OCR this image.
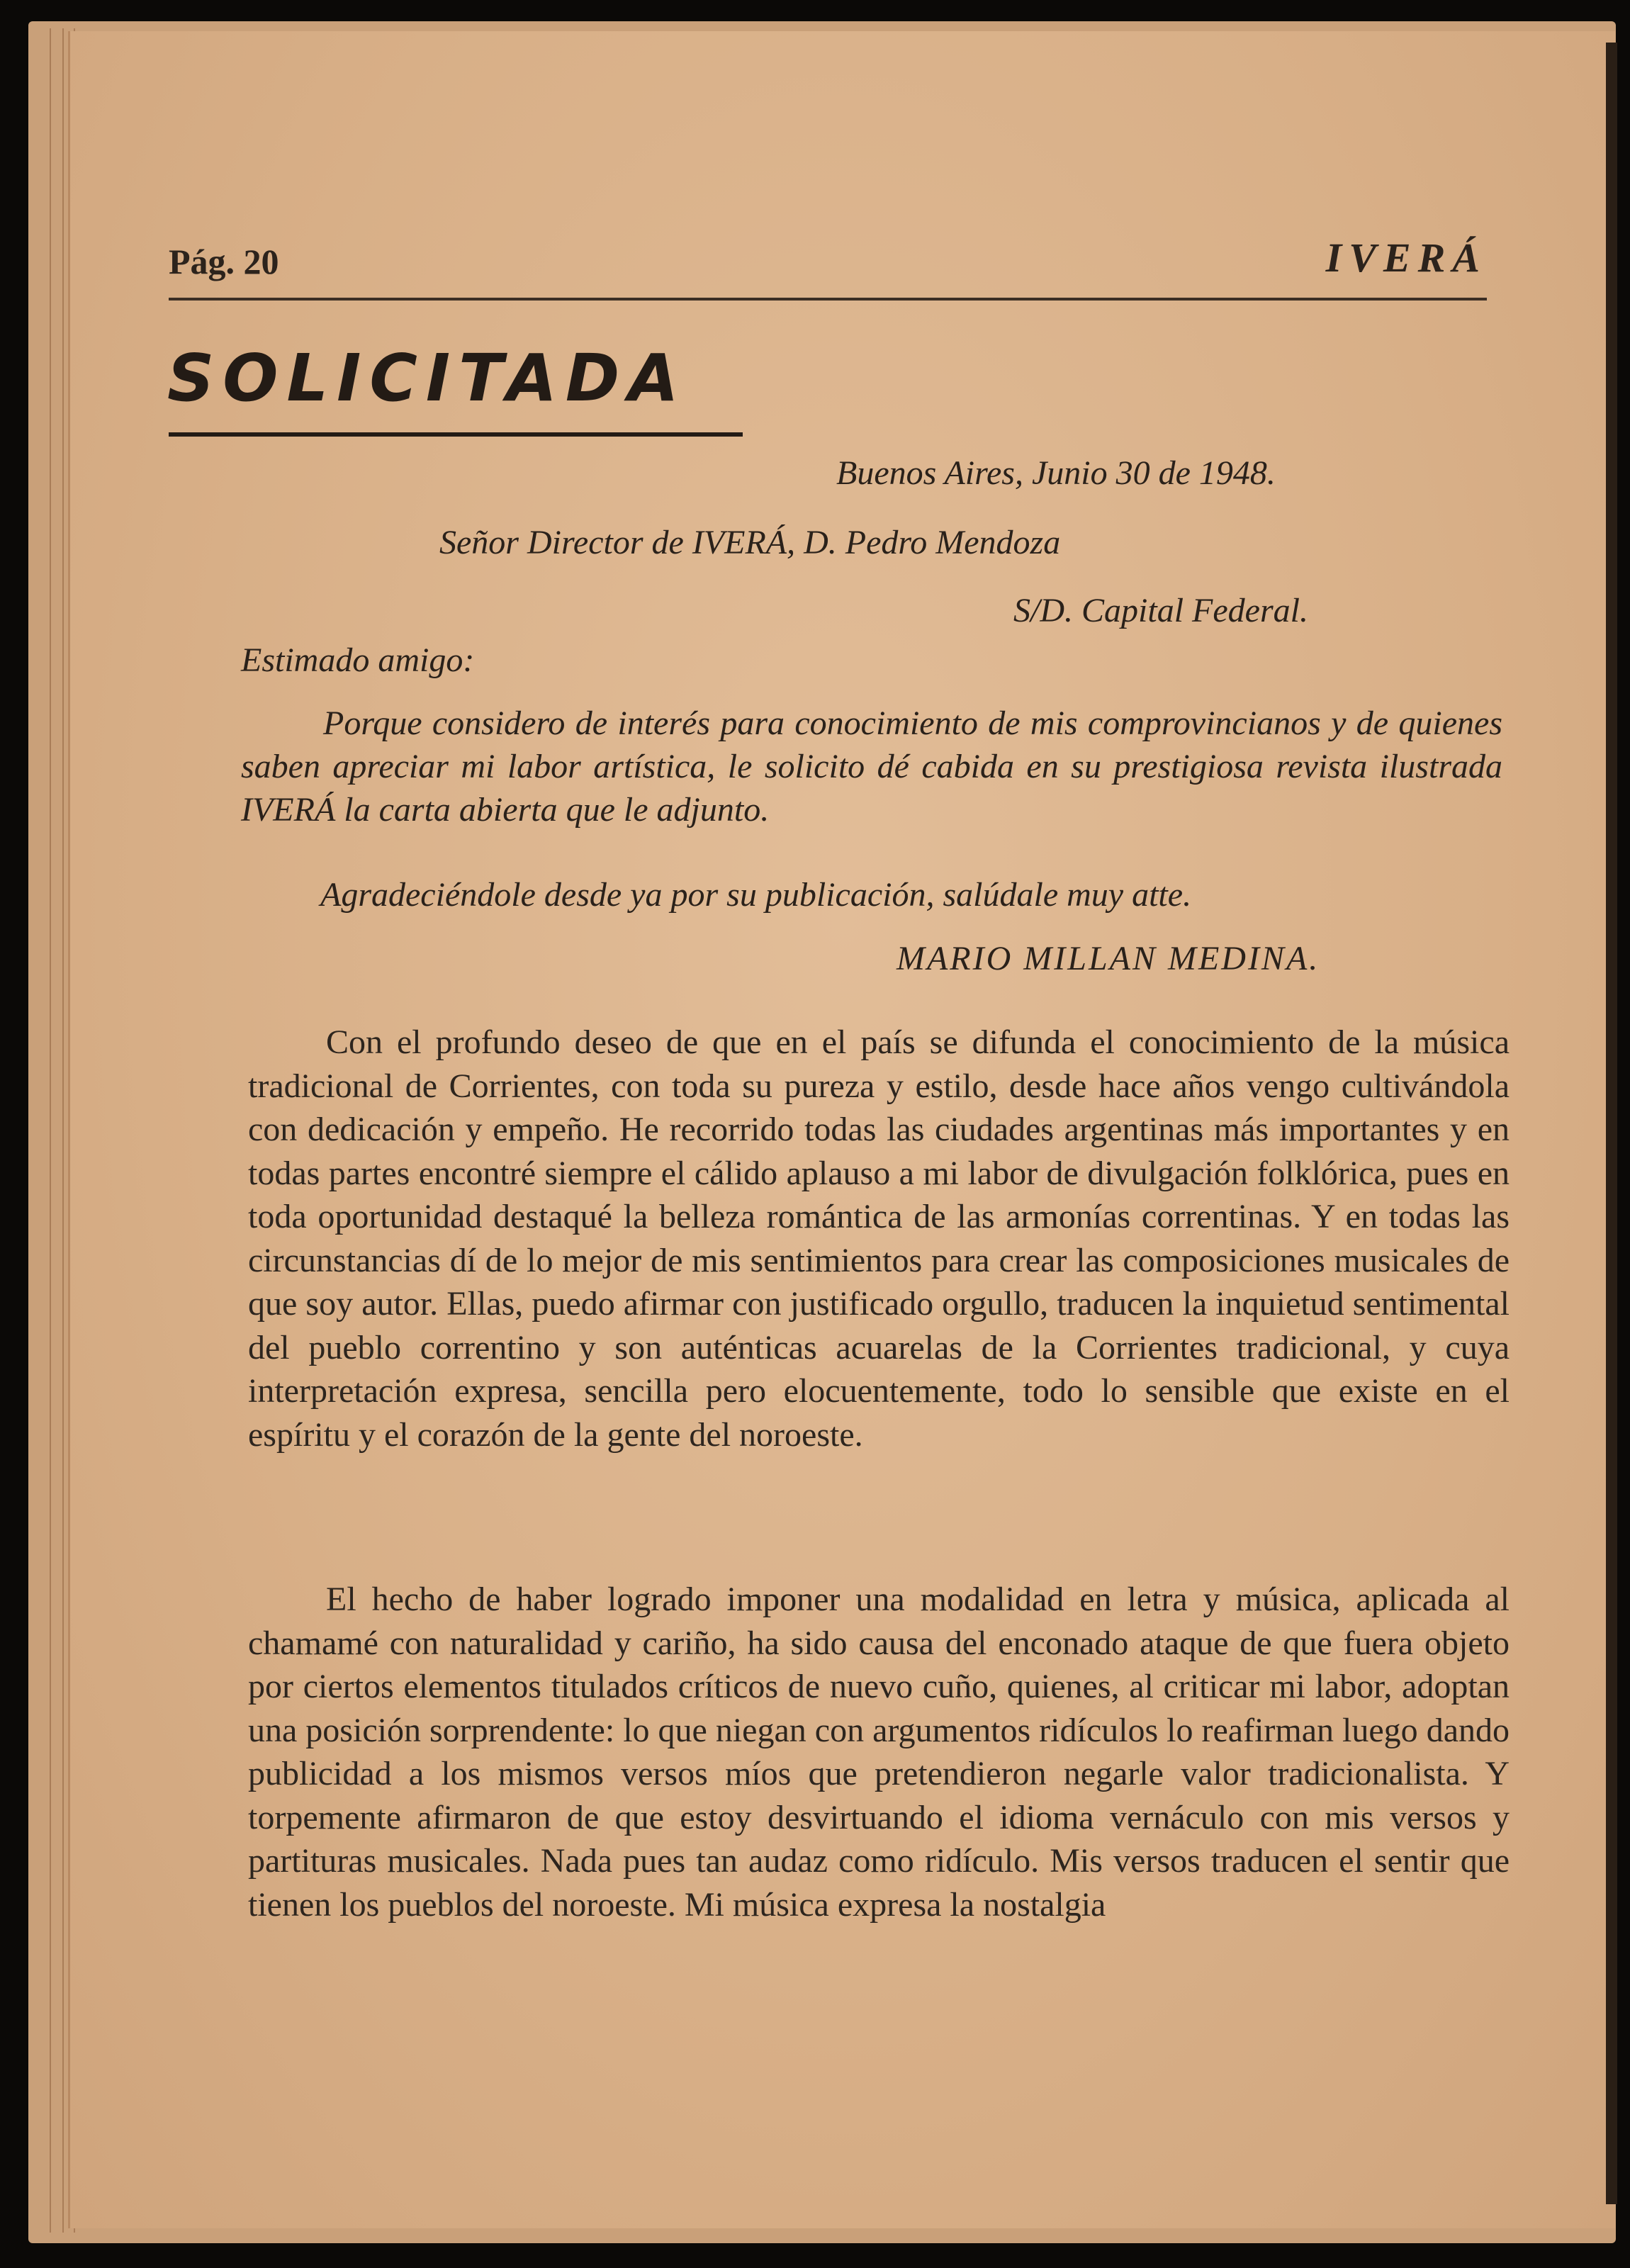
Pág. 20	IVERÁ
SOLICITADA
Buenos Aires, Junio 30 de 1948.
Señor Director de IVERÁ, D. Pedro Mendoza
S/D. Capital Federal.
Estimado amigo:

Porque considero de interés para conocimiento de mis comprovincianos y de quienes saben apreciar mi labor artística, le solicito dé cabida en su prestigiosa revista ilustrada IVERÁ la carta abierta que le adjunto.

Agradeciéndole desde ya por su publicación, salúdale muy atte.
MARIO MILLAN MEDINA.

Con el profundo deseo de que en el país se difunda el conocimiento de la música tradicional de Corrientes, con toda su pureza y estilo, desde hace años vengo cultivándola con dedicación y empeño. He recorrido todas las ciudades argentinas más importantes y en todas partes encontré siempre el cálido aplauso a mi labor de divulgación folklórica, pues en toda oportunidad destaqué la belleza romántica de las armonías correntinas. Y en todas las circunstancias dí de lo mejor de mis sentimientos para crear las composiciones musicales de que soy autor. Ellas, puedo afirmar con justificado orgullo, traducen la inquietud sentimental del pueblo correntino y son auténticas acuarelas de la Corrientes tradicional, y cuya interpretación expresa, sencilla pero elocuentemente, todo lo sensible que existe en el espíritu y el corazón de la gente del noroeste.

El hecho de haber logrado imponer una modalidad en letra y música, aplicada al chamamé con naturalidad y cariño, ha sido causa del enconado ataque de que fuera objeto por ciertos elementos titulados críticos de nuevo cuño, quienes, al criticar mi labor, adoptan una posición sorprendente: lo que niegan con argumentos ridículos lo reafirman luego dando publicidad a los mismos versos míos que pretendieron negarle valor tradicionalista. Y torpemente afirmaron de que estoy desvirtuando el idioma vernáculo con mis versos y partituras musicales. Nada pues tan audaz como ridículo. Mis versos traducen el sentir que tienen los pueblos del noroeste. Mi música expresa la nostalgia
